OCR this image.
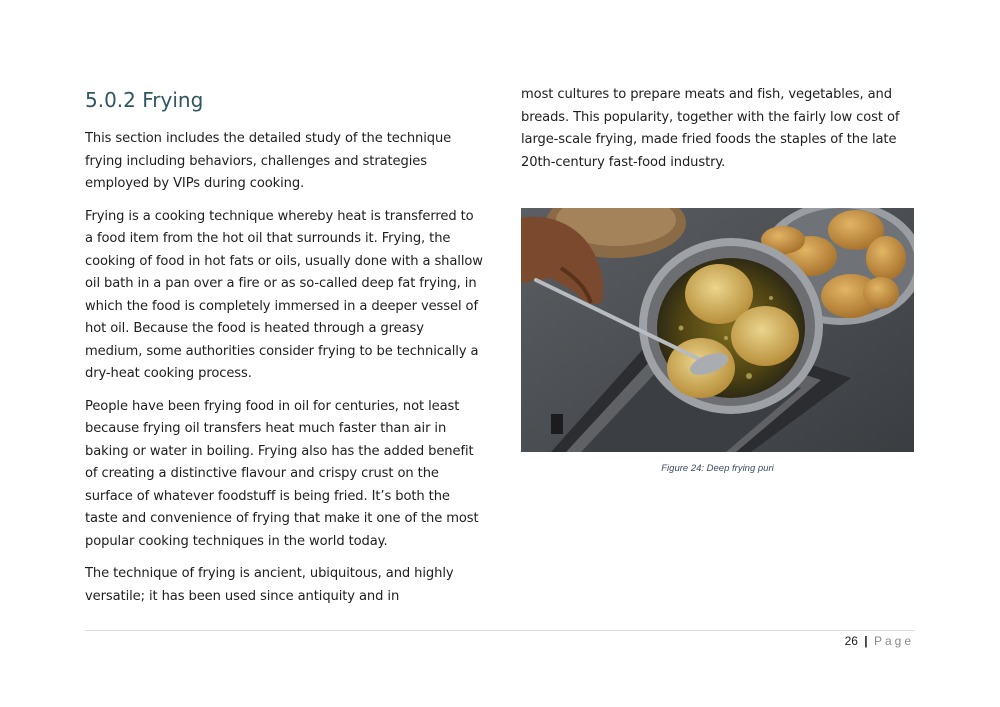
5.0.2 Frying

This section includes the detailed study of the technique frying including behaviors, challenges and strategies employed by VIPs during cooking.

Frying is a cooking technique whereby heat is transferred to a food item from the hot oil that surrounds it. Frying, the cooking of food in hot fats or oils, usually done with a shallow oil bath in a pan over a fire or as so-called deep fat frying, in which the food is completely immersed in a deeper vessel of hot oil. Because the food is heated through a greasy medium, some authorities consider frying to be technically a dry-heat cooking process.

People have been frying food in oil for centuries, not least because frying oil transfers heat much faster than air in baking or water in boiling. Frying also has the added benefit of creating a distinctive flavour and crispy crust on the surface of whatever foodstuff is being fried. It’s both the taste and convenience of frying that make it one of the most popular cooking techniques in the world today.

The technique of frying is ancient, ubiquitous, and highly versatile; it has been used since antiquity and in

most cultures to prepare meats and fish, vegetables, and breads. This popularity, together with the fairly low cost of large-scale frying, made fried foods the staples of the late 20th-century fast-food industry.

Figure 24: Deep frying puri
26 | Page
